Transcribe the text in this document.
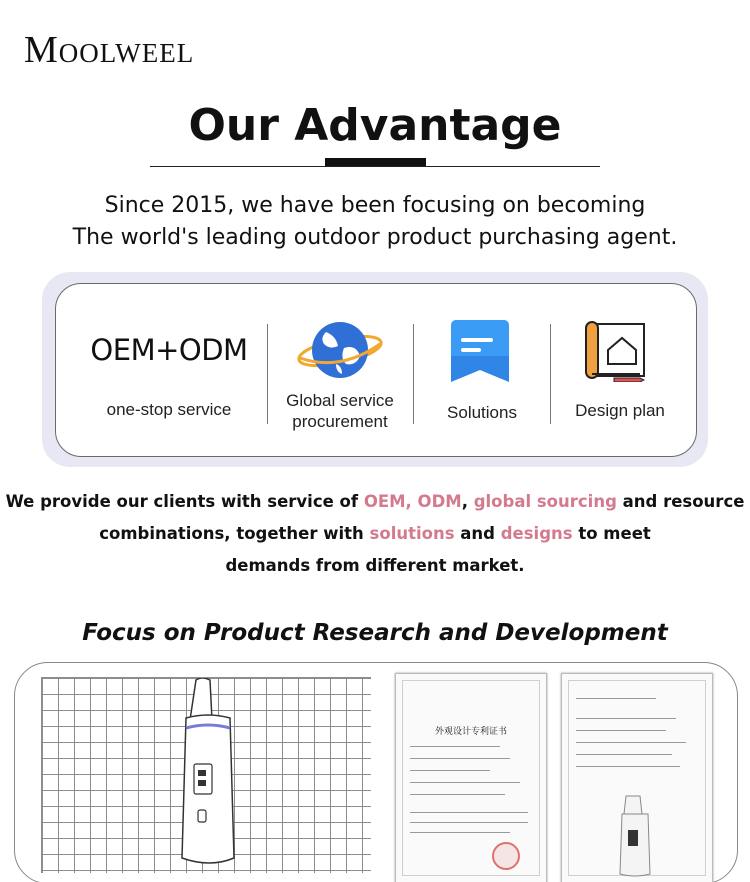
Moolweel
Our Advantage
Since 2015, we have been focusing on becoming
The world's leading outdoor product purchasing agent.
OEM+ODM
one-stop service	Global service
procurement	Solutions	Design plan
We provide our clients with service of OEM, ODM, global sourcing and resource
combinations, together with solutions and designs to meet
demands from different market.
Focus on Product Research and Development
外观设计专利证书
